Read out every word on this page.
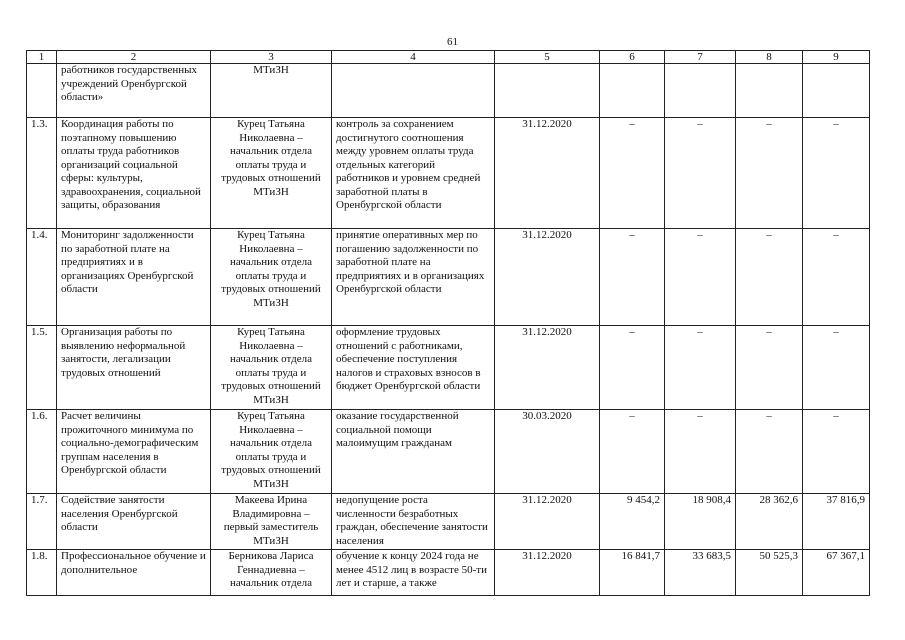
61
1	2	3	4	5	6	7	8	9
	работников государственных учреждений Оренбургской области»	МТиЗН						
1.3.	Координация работы по поэтапному повышению оплаты труда работников организаций социальной сферы: культуры, здравоохранения, социальной защиты, образования	Курец Татьяна Николаевна – начальник отдела оплаты труда и трудовых отношений МТиЗН	контроль за сохранением достигнутого соотношения между уровнем оплаты труда отдельных категорий работников и уровнем средней заработной платы в Оренбургской области	31.12.2020	–	–	–	–
1.4.	Мониторинг задолженности по заработной плате на предприятиях и в организациях Оренбургской области	Курец Татьяна Николаевна – начальник отдела оплаты труда и трудовых отношений МТиЗН	принятие оперативных мер по погашению задолженности по заработной плате на предприятиях и в организациях Оренбургской области	31.12.2020	–	–	–	–
1.5.	Организация работы по выявлению неформальной занятости, легализации трудовых отношений	Курец Татьяна Николаевна – начальник отдела оплаты труда и трудовых отношений МТиЗН	оформление трудовых отношений с работниками, обеспечение поступления налогов и страховых взносов в бюджет Оренбургской области	31.12.2020	–	–	–	–
1.6.	Расчет величины прожиточного минимума по социально-демографическим группам населения в Оренбургской области	Курец Татьяна Николаевна – начальник отдела оплаты труда и трудовых отношений МТиЗН	оказание государственной социальной помощи малоимущим гражданам	30.03.2020	–	–	–	–
1.7.	Содействие занятости населения Оренбургской области	Макеева Ирина Владимировна – первый заместитель МТиЗН	недопущение роста численности безработных граждан, обеспечение занятости населения	31.12.2020	9 454,2	18 908,4	28 362,6	37 816,9
1.8.	Профессиональное обучение и дополнительное	Берникова Лариса Геннадиевна – начальник отдела	обучение к концу 2024 года не менее 4512 лиц в возрасте 50-ти лет и старше, а также	31.12.2020	16 841,7	33 683,5	50 525,3	67 367,1
